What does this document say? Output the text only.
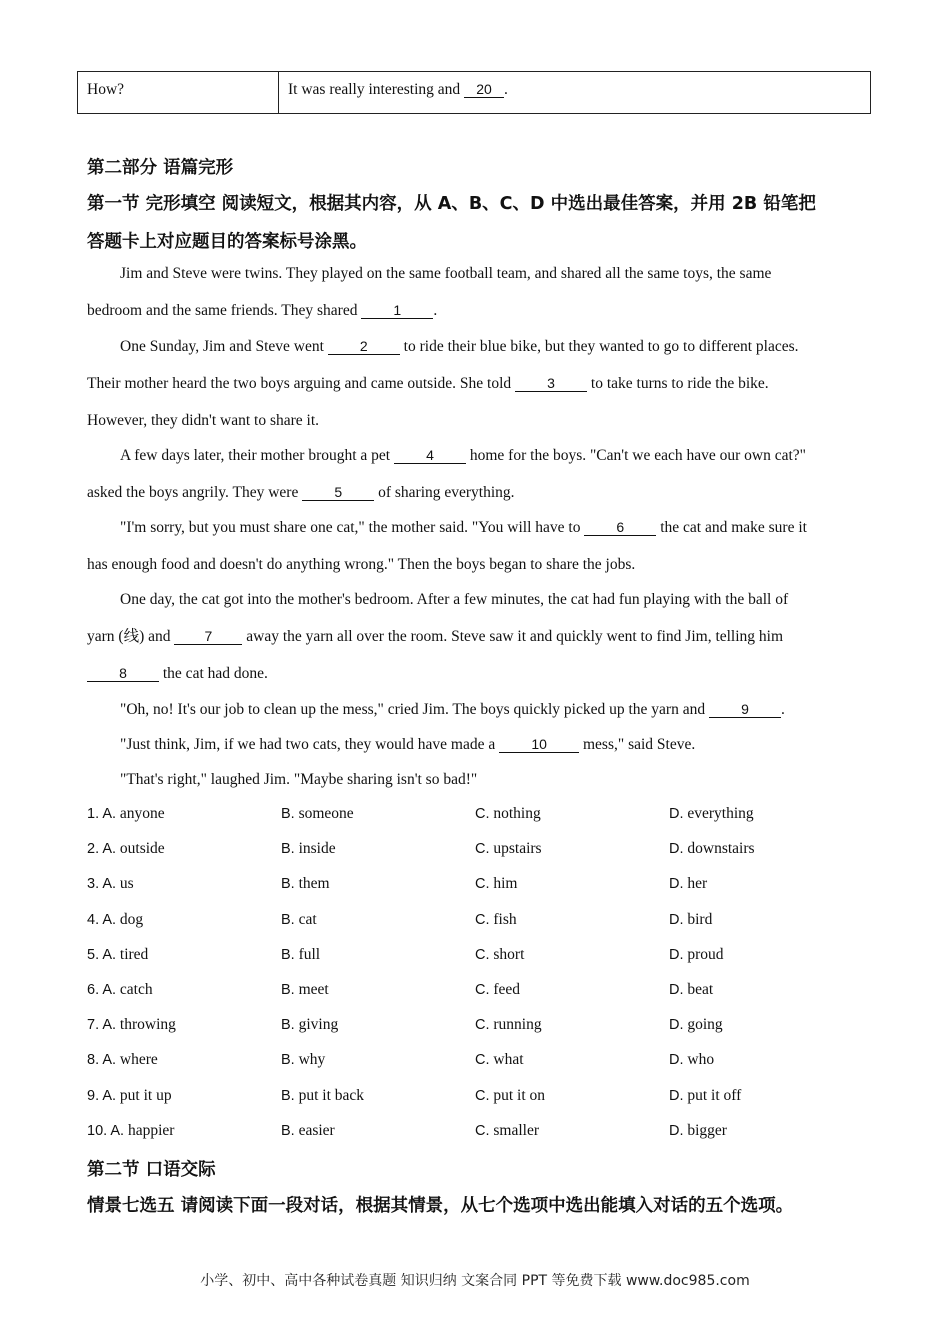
How?	It was really interesting and 20 .
第二部分 语篇完形
第一节 完形填空 阅读短文，根据其内容，从 A、B、C、D 中选出最佳答案，并用 2B 铅笔把
答题卡上对应题目的答案标号涂黑。
Jim and Steve were twins. They played on the same football team, and shared all the same toys, the same
bedroom and the same friends. They shared	1 .
One Sunday, Jim and Steve went	2 to ride their blue bike, but they wanted to go to different places.
Their mother heard the two boys arguing and came outside. She told	3 to take turns to ride the bike.
However, they didn't want to share it.
A few days later, their mother brought a pet	4 home for the boys. "Can't we each have our own cat?"
asked the boys angrily. They were	5 of sharing everything.
"I'm sorry, but you must share one cat," the mother said. "You will have to	6 the cat and make sure it
has enough food and doesn't do anything wrong." Then the boys began to share the jobs.
One day, the cat got into the mother's bedroom. After a few minutes, the cat had fun playing with the ball of
yarn (线) and 7 away the yarn all over the room. Steve saw it and quickly went to find Jim, telling him
8 the cat had done.
"Oh, no! It's our job to clean up the mess," cried Jim. The boys quickly picked up the yarn and	9 .
"Just think, Jim, if we had two cats, they would have made a	10 mess," said Steve.
"That's right," laughed Jim. "Maybe sharing isn't so bad!"
1. A. anyone	B. someone	C. nothing	D. everything
2. A. outside	B. inside	C. upstairs	D. downstairs
3. A. us	B. them	C. him	D. her
4. A. dog	B. cat	C. fish	D. bird
5. A. tired	B. full	C. short	D. proud
6. A. catch	B. meet	C. feed	D. beat
7. A. throwing	B. giving	C. running	D. going
8. A. where	B. why	C. what	D. who
9. A. put it up	B. put it back	C. put it on	D. put it off
10. A. happier	B. easier	C. smaller	D. bigger
第二节 口语交际
情景七选五 请阅读下面一段对话，根据其情景，从七个选项中选出能填入对话的五个选项。
小学、初中、高中各种试卷真题 知识归纳 文案合同 PPT 等免费下载 www.doc985.com
